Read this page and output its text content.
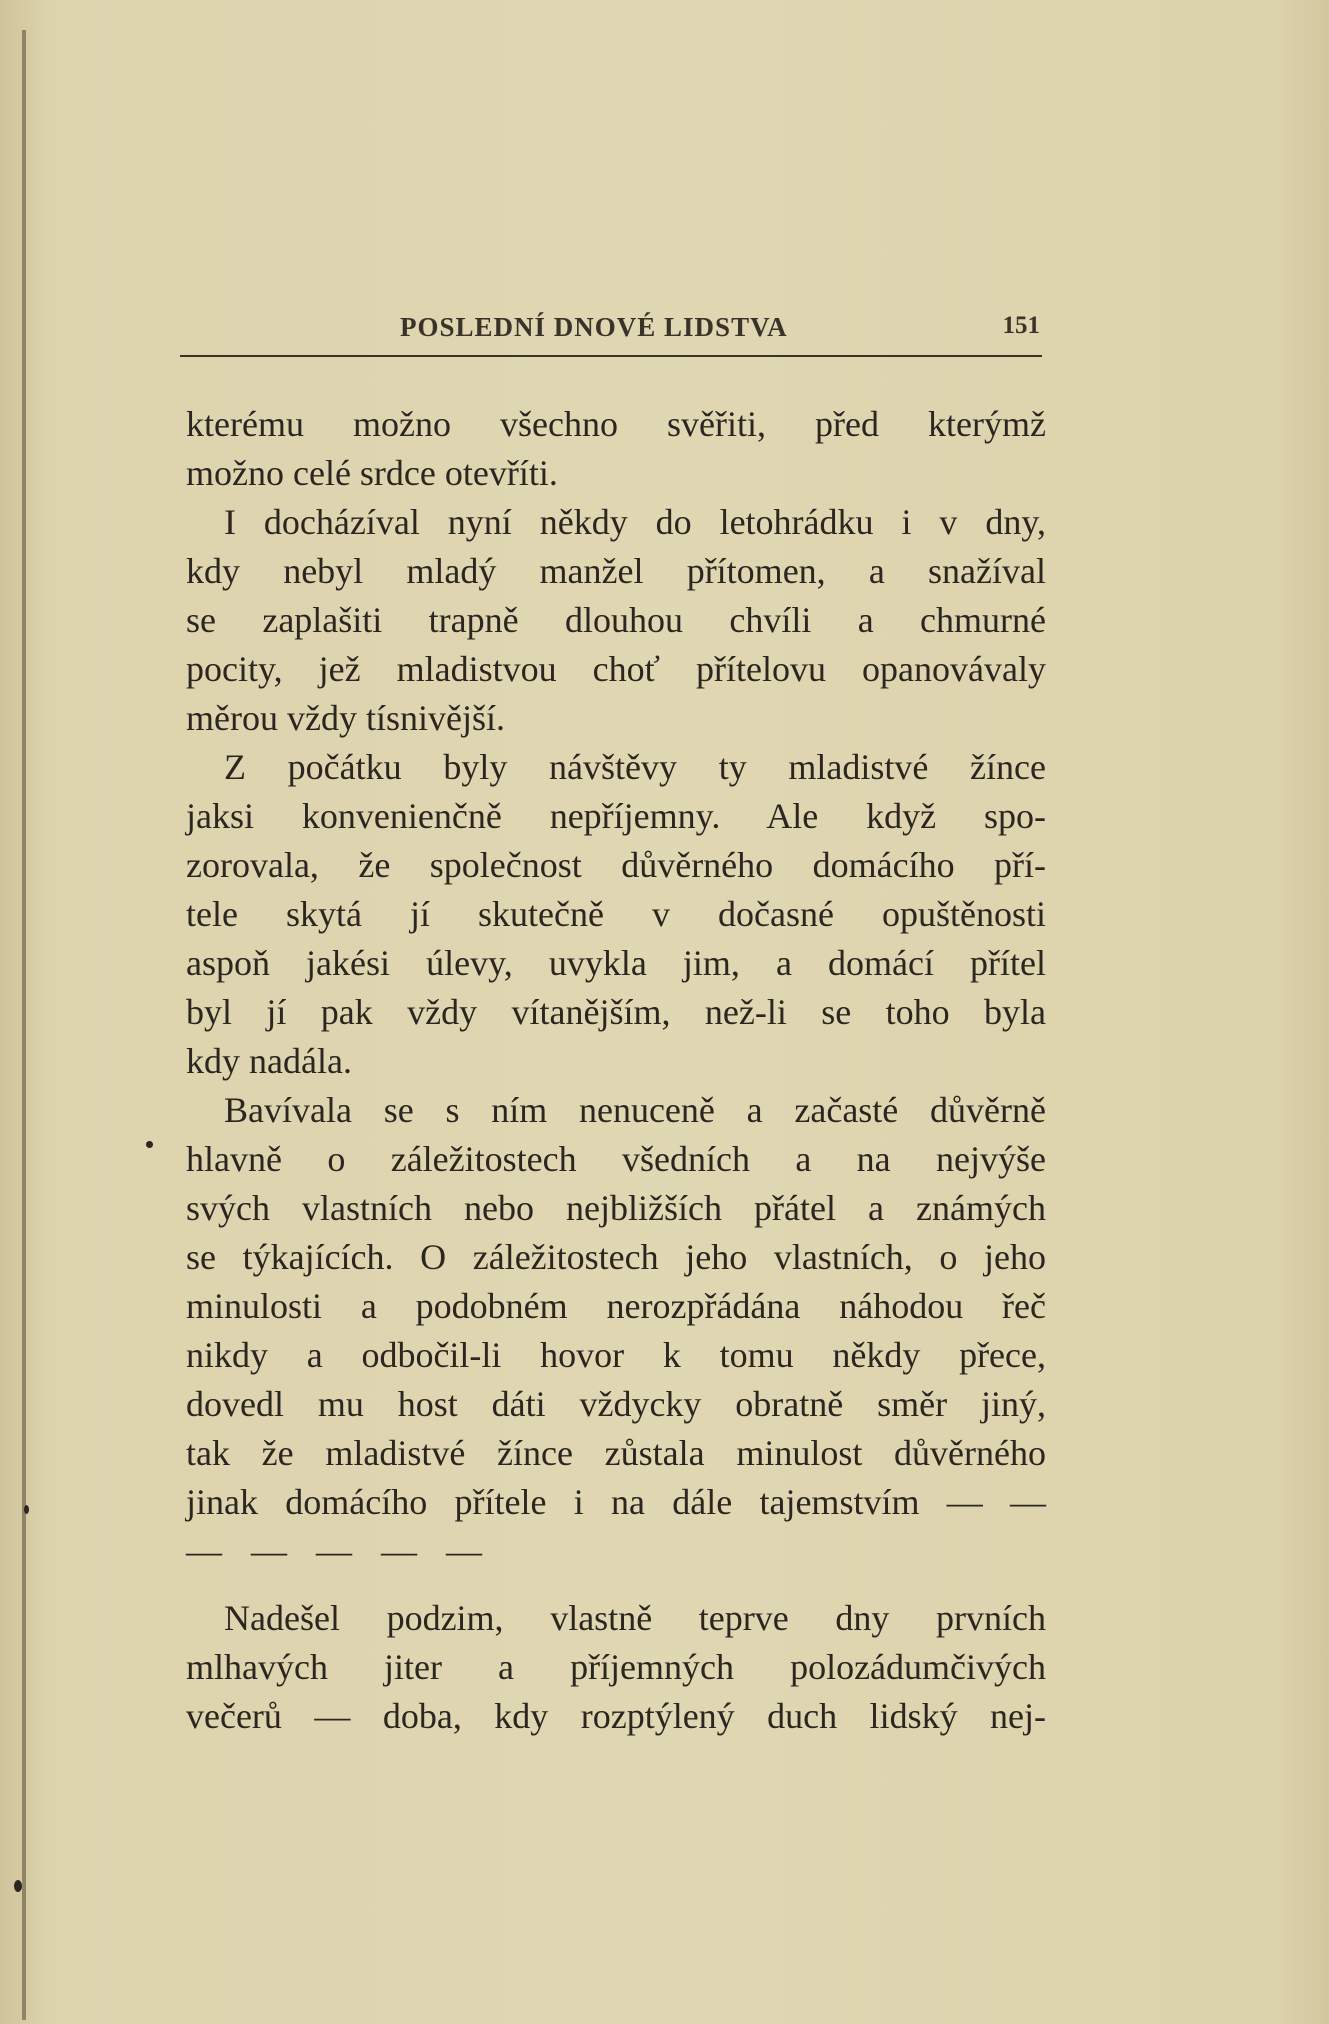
POSLEDNÍ DNOVÉ LIDSTVA	151
kterému možno všechno svěřiti, před kterýmž
možno celé srdce otevříti.
I docházíval nyní někdy do letohrádku i v dny,
kdy nebyl mladý manžel přítomen, a snažíval
se zaplašiti trapně dlouhou chvíli a chmurné
pocity, jež mladistvou choť přítelovu opanovávaly
měrou vždy tísnivější.
Z počátku byly návštěvy ty mladistvé žínce
jaksi konvenienčně nepříjemny. Ale když spo-
zorovala, že společnost důvěrného domácího pří-
tele skytá jí skutečně v dočasné opuštěnosti
aspoň jakési úlevy, uvykla jim, a domácí přítel
byl jí pak vždy vítanějším, než-li se toho byla
kdy nadála.
Bavívala se s ním nenuceně a začasté důvěrně
hlavně o záležitostech všedních a na nejvýše
svých vlastních nebo nejbližších přátel a známých
se týkajících. O záležitostech jeho vlastních, o jeho
minulosti a podobném nerozpřádána náhodou řeč
nikdy a odbočil-li hovor k tomu někdy přece,
dovedl mu host dáti vždycky obratně směr jiný,
tak že mladistvé žínce zůstala minulost důvěrného
jinak domácího přítele i na dále tajemstvím — —
— — — — —
Nadešel podzim, vlastně teprve dny prvních
mlhavých jiter a příjemných polozádumčivých
večerů — doba, kdy rozptýlený duch lidský nej-
